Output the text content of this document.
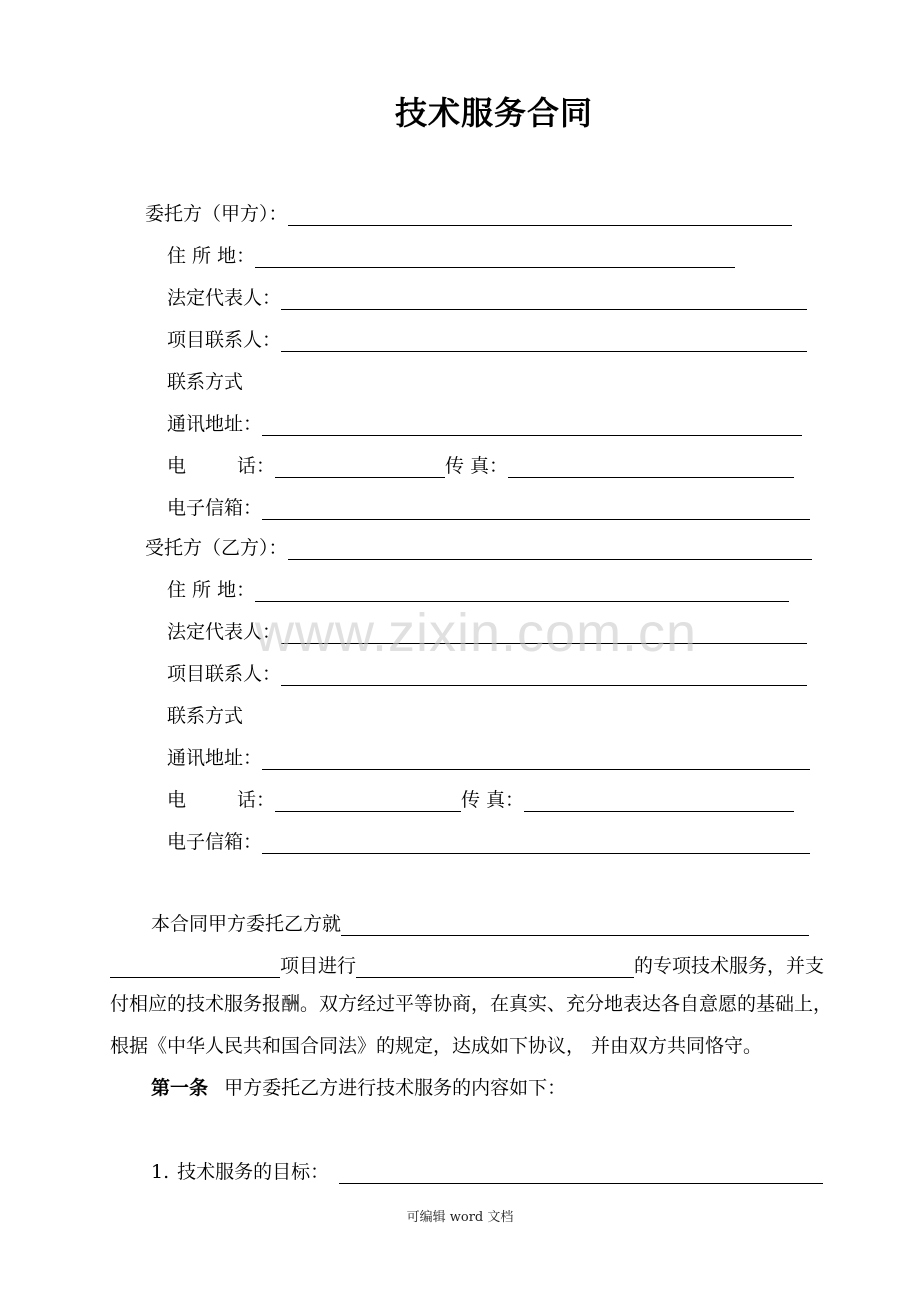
技术服务合同
委托方（甲方）：
住 所 地：
法定代表人：
项目联系人：
联系方式
通讯地址：
电	话：	传 真：
电子信箱：
受托方（乙方）：
住 所 地：
法定代表人：
项目联系人：
联系方式
通讯地址：
电	话：	传 真：
电子信箱：
本合同甲方委托乙方就
项目进行	的专项技术服务，并支
付相应的技术服务报酬。双方经过平等协商，在真实、充分地表达各自意愿的基础上，
根据《中华人民共和国合同法》的规定，达成如下协议， 并由双方共同恪守。
第一条 甲方委托乙方进行技术服务的内容如下：
1. 技术服务的目标：
www.zixin.com.cn
可编辑 word 文档
